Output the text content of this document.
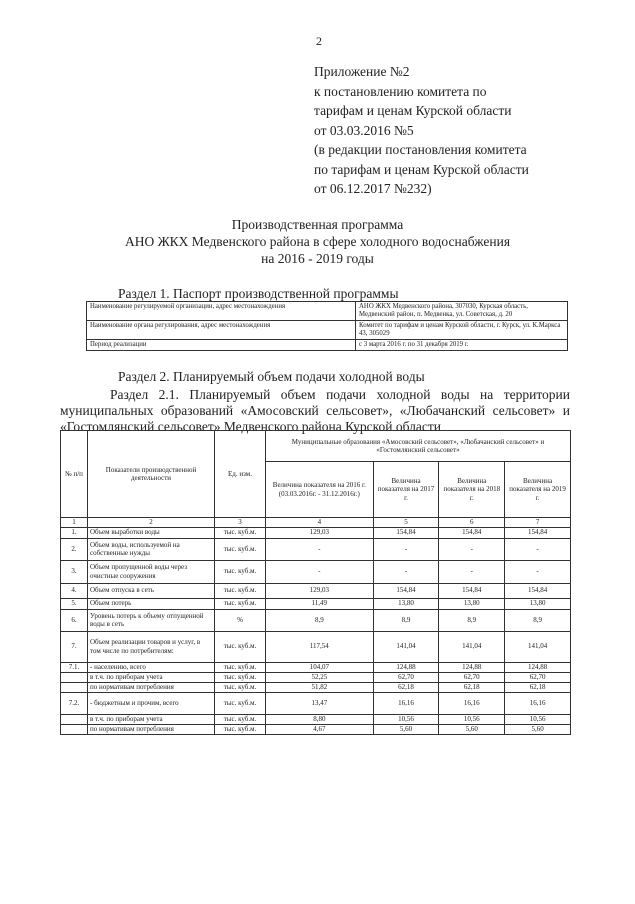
2
Приложение №2
к постановлению комитета по
тарифам и ценам Курской области
от 03.03.2016 №5
(в редакции постановления комитета
по тарифам и ценам Курской области
от 06.12.2017 №232)
Производственная программа
АНО ЖКХ Медвенского района в сфере холодного водоснабжения
на 2016 - 2019 годы
Раздел 1. Паспорт производственной программы
Наименование регулируемой организации, адрес местонахождения	АНО ЖКХ Медвенского района, 307030, Курская область, Медвенский район, п. Медвенка, ул. Советская, д. 20
Наименование органа регулирования, адрес местонахождения	Комитет по тарифам и ценам Курской области, г. Курск, ул. К.Маркса 43, 305029
Период реализации	с 3 марта 2016 г. по 31 декабря 2019 г.
Раздел 2. Планируемый объем подачи холодной воды
Раздел 2.1. Планируемый объем подачи холодной воды на территории муниципальных образований «Амосовский сельсовет», «Любачанский сельсовет» и «Гостомлянский сельсовет» Медвенского района Курской области
№ п/п	Показатели производственной деятельности	Ед. изм.	Муниципальные образования «Амосовский сельсовет», «Любачанский сельсовет» и «Гостомлянский сельсовет»			
			Величина показателя на 2016 г. (03.03.2016г. - 31.12.2016г.)	Величина показателя на 2017 г.	Величина показателя на 2018 г.	Величина показателя на 2019 г.
1	2	3	4	5	6	7
1.	Объем выработки воды	тыс. куб.м.	129,03	154,84	154,84	154,84
2.	Объем воды, используемой на собственные нужды	тыс. куб.м.	-	-	-	-
3.	Объем пропущенной воды через очистные сооружения	тыс. куб.м.	-	-	-	-
4.	Объем отпуска в сеть	тыс. куб.м.	129,03	154,84	154,84	154,84
5.	Объем потерь	тыс. куб.м.	11,49	13,80	13,80	13,80
6.	Уровень потерь к объему отпущенной воды в сеть	%	8,9	8,9	8,9	8,9
7.	Объем реализации товаров и услуг, в том числе по потребителям:	тыс. куб.м.	117,54	141,04	141,04	141,04
7.1.	- населению, всего	тыс. куб.м.	104,07	124,88	124,88	124,88
	в т.ч. по приборам учета	тыс. куб.м.	52,25	62,70	62,70	62,70
	по нормативам потребления	тыс. куб.м.	51,82	62,18	62,18	62,18
7.2.	- бюджетным и прочим, всего	тыс. куб.м.	13,47	16,16	16,16	16,16
	в т.ч. по приборам учета	тыс. куб.м.	8,80	10,56	10,56	10,56
	по нормативам потребления	тыс. куб.м.	4,67	5,60	5,60	5,60
